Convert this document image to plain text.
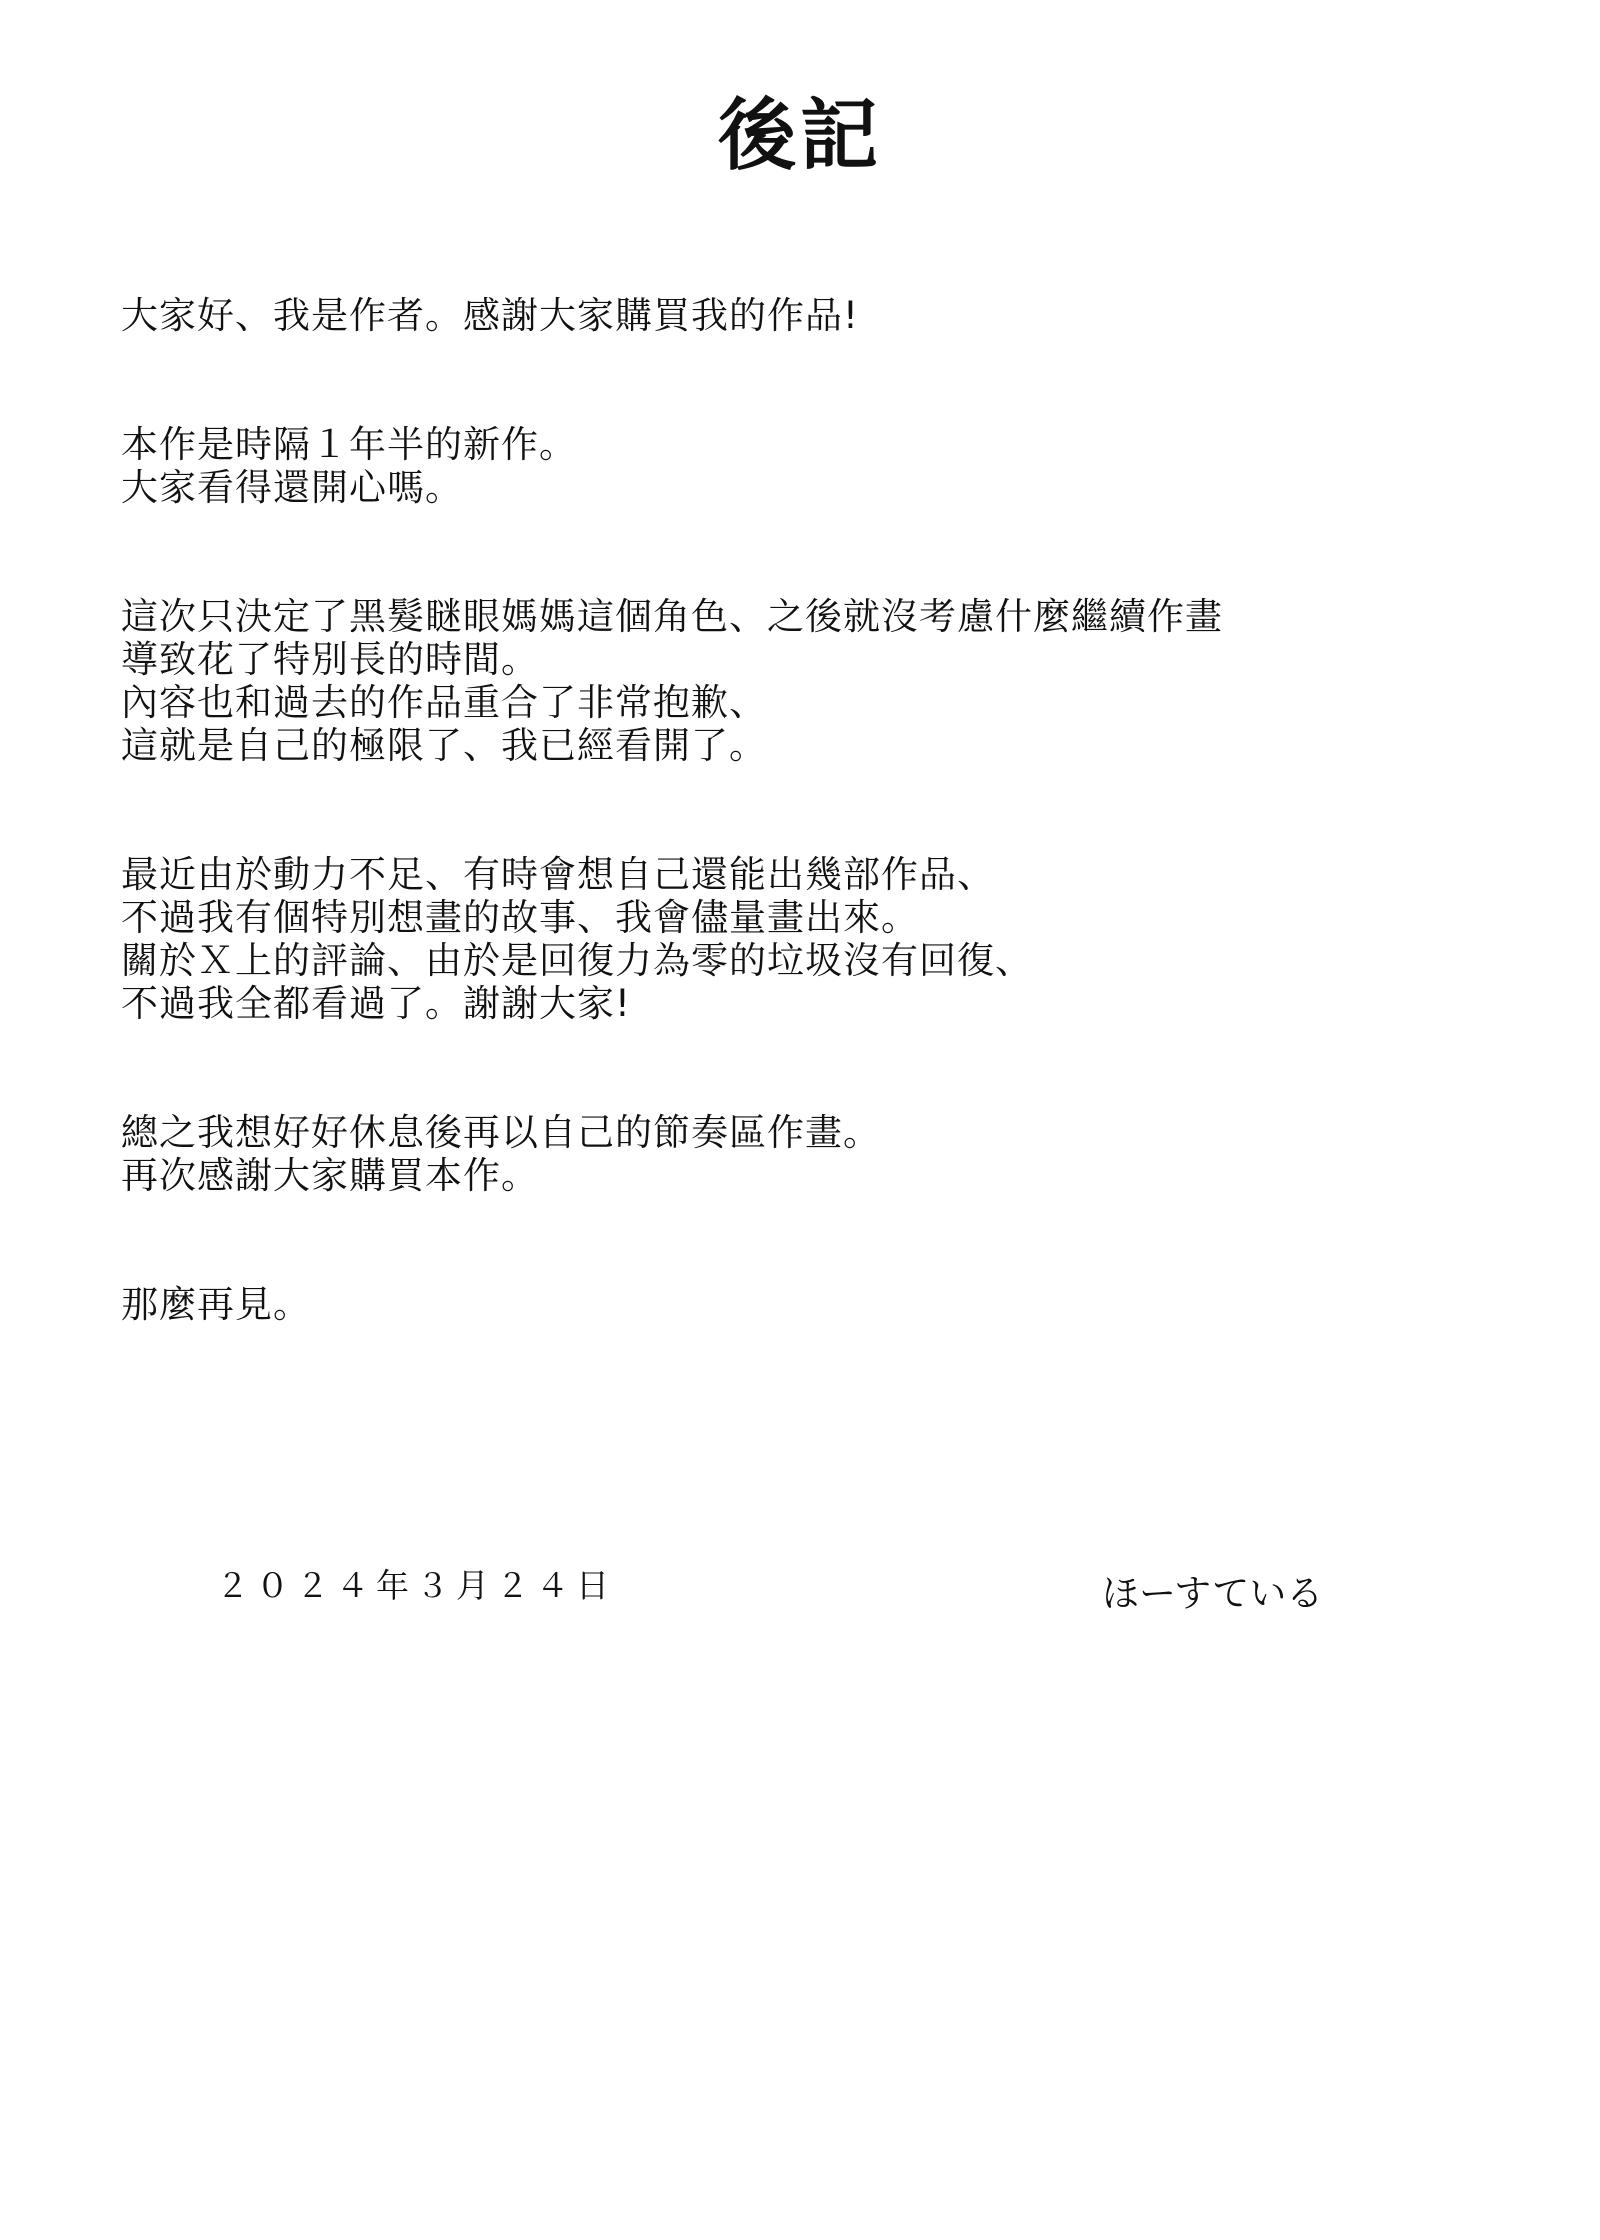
後記
大家好、我是作者。感謝大家購買我的作品!
本作是時隔１年半的新作。
大家看得還開心嗎。
這次只決定了黑髮瞇眼媽媽這個角色、之後就沒考慮什麼繼續作畫
導致花了特別長的時間。
內容也和過去的作品重合了非常抱歉、
這就是自己的極限了、我已經看開了。
最近由於動力不足、有時會想自己還能出幾部作品、
不過我有個特別想畫的故事、我會儘量畫出來。
關於Ｘ上的評論、由於是回復力為零的垃圾沒有回復、
不過我全都看過了。謝謝大家!
總之我想好好休息後再以自己的節奏區作畫。
再次感謝大家購買本作。
那麼再見。
２０２４年３月２４日	ほーすている
